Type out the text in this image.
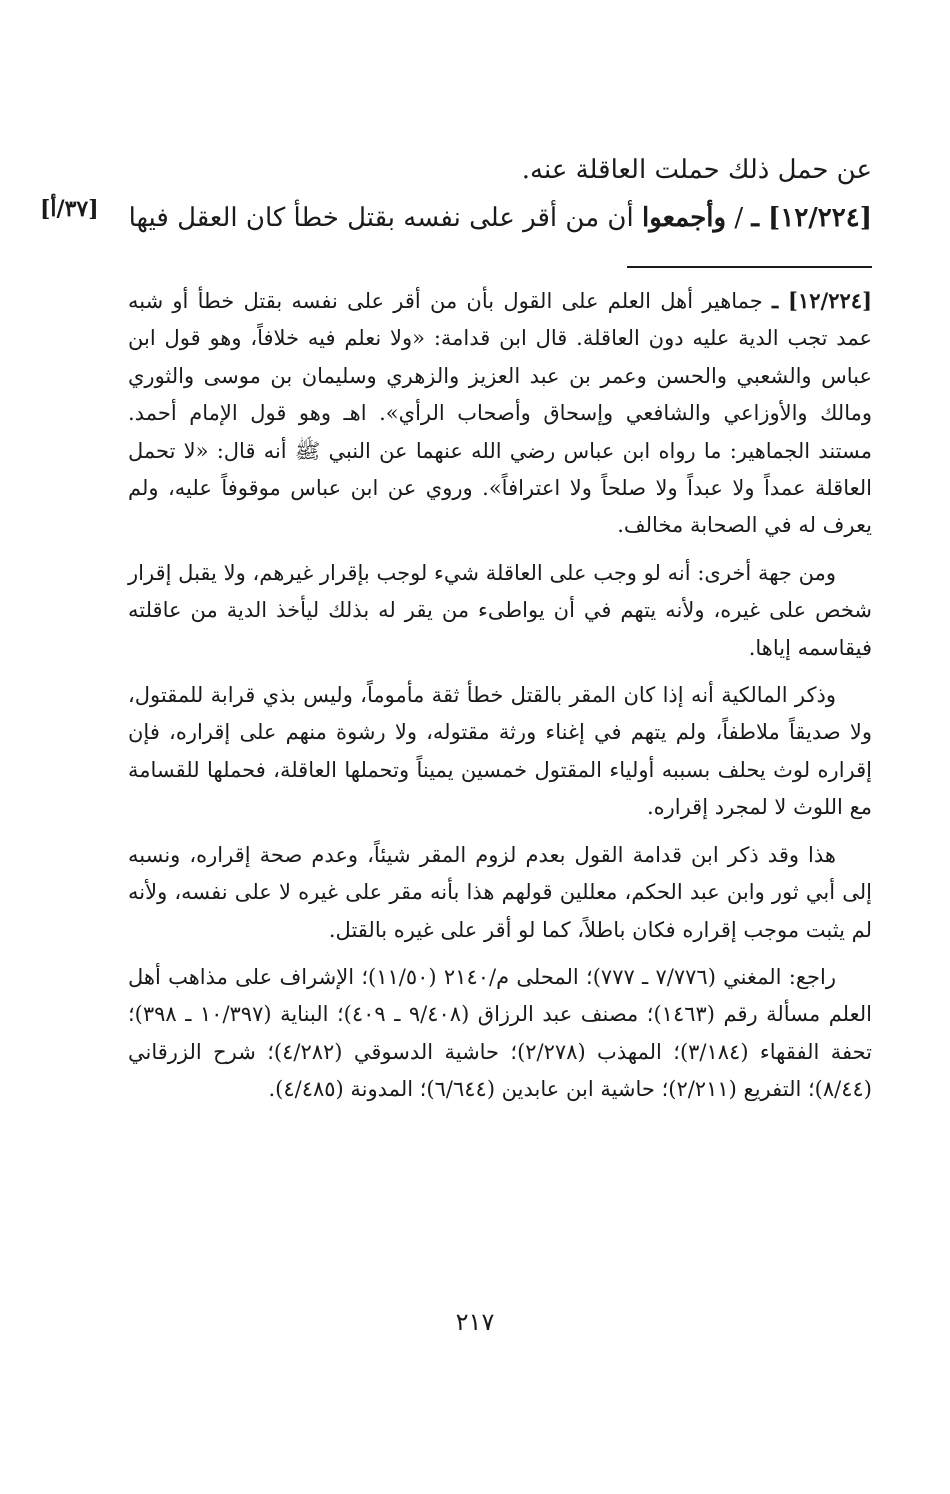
عن حمل ذلك حملت العاقلة عنه.

[١٢/٢٢٤] ـ / وأجمعوا أن من أقر على نفسه بقتل خطأ كان العقل فيها

[٣٧/أ]

[١٢/٢٢٤] ـ جماهير أهل العلم على القول بأن من أقر على نفسه بقتل خطأ أو شبه عمد تجب الدية عليه دون العاقلة. قال ابن قدامة: «ولا نعلم فيه خلافاً، وهو قول ابن عباس والشعبي والحسن وعمر بن عبد العزيز والزهري وسليمان بن موسى والثوري ومالك والأوزاعي والشافعي وإسحاق وأصحاب الرأي». اهـ وهو قول الإمام أحمد. مستند الجماهير: ما رواه ابن عباس رضي الله عنهما عن النبي ﷺ أنه قال: «لا تحمل العاقلة عمداً ولا عبداً ولا صلحاً ولا اعترافاً». وروي عن ابن عباس موقوفاً عليه، ولم يعرف له في الصحابة مخالف.

ومن جهة أخرى: أنه لو وجب على العاقلة شيء لوجب بإقرار غيرهم، ولا يقبل إقرار شخص على غيره، ولأنه يتهم في أن يواطىء من يقر له بذلك ليأخذ الدية من عاقلته فيقاسمه إياها.

وذكر المالكية أنه إذا كان المقر بالقتل خطأ ثقة مأموماً، وليس بذي قرابة للمقتول، ولا صديقاً ملاطفاً، ولم يتهم في إغناء ورثة مقتوله، ولا رشوة منهم على إقراره، فإن إقراره لوث يحلف بسببه أولياء المقتول خمسين يميناً وتحملها العاقلة، فحملها للقسامة مع اللوث لا لمجرد إقراره.

هذا وقد ذكر ابن قدامة القول بعدم لزوم المقر شيئاً، وعدم صحة إقراره، ونسبه إلى أبي ثور وابن عبد الحكم، معللين قولهم هذا بأنه مقر على غيره لا على نفسه، ولأنه لم يثبت موجب إقراره فكان باطلاً، كما لو أقر على غيره بالقتل.

راجع: المغني (٧/٧٧٦ ـ ٧٧٧)؛ المحلى م/٢١٤٠ (١١/٥٠)؛ الإشراف على مذاهب أهل العلم مسألة رقم (١٤٦٣)؛ مصنف عبد الرزاق (٩/٤٠٨ ـ ٤٠٩)؛ البناية (١٠/٣٩٧ ـ ٣٩٨)؛ تحفة الفقهاء (٣/١٨٤)؛ المهذب (٢/٢٧٨)؛ حاشية الدسوقي (٤/٢٨٢)؛ شرح الزرقاني (٨/٤٤)؛ التفريع (٢/٢١١)؛ حاشية ابن عابدين (٦/٦٤٤)؛ المدونة (٤/٤٨٥).

٢١٧
